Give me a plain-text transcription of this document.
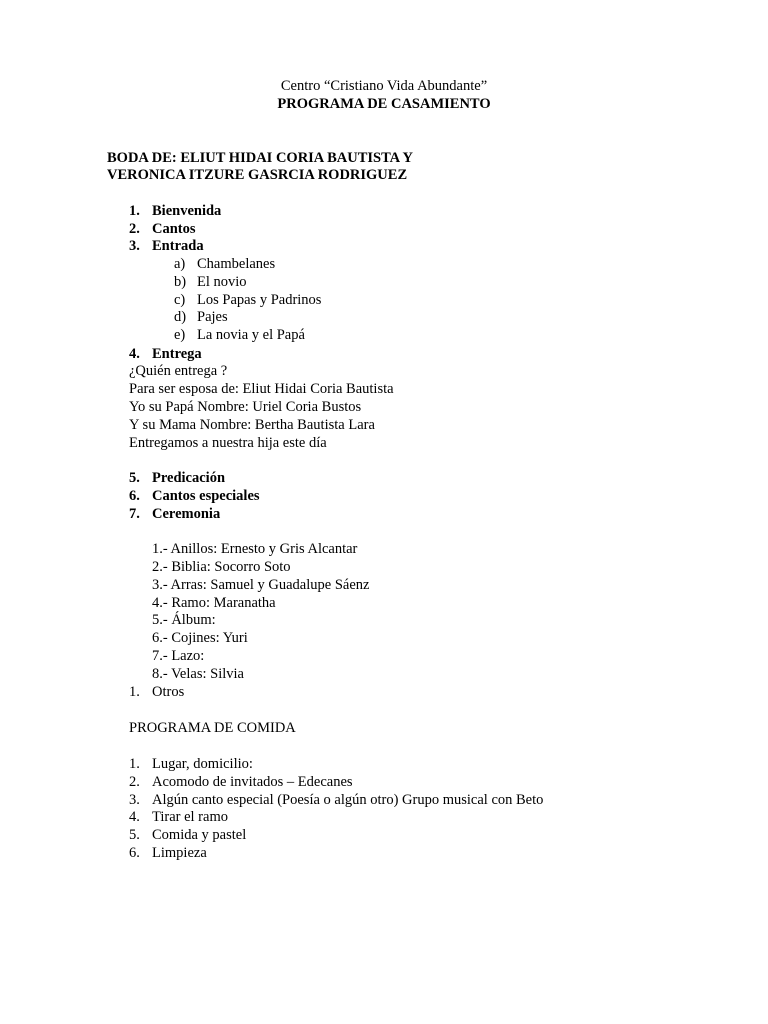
Centro “Cristiano Vida Abundante”
PROGRAMA DE CASAMIENTO
BODA DE: ELIUT HIDAI CORIA BAUTISTA Y
VERONICA ITZURE GASRCIA RODRIGUEZ
1. Bienvenida
2. Cantos
3. Entrada
a) Chambelanes
b) El novio
c) Los Papas y Padrinos
d) Pajes
e) La novia y el Papá
4. Entrega
¿Quién entrega ?
Para ser esposa de: Eliut Hidai Coria Bautista
Yo su Papá Nombre: Uriel Coria Bustos
Y su Mama Nombre: Bertha Bautista Lara
Entregamos a nuestra hija este día
5. Predicación
6. Cantos especiales
7. Ceremonia
1.- Anillos: Ernesto y Gris Alcantar
2.- Biblia: Socorro Soto
3.- Arras: Samuel y Guadalupe Sáenz
4.- Ramo: Maranatha
5.- Álbum:
6.- Cojines: Yuri
7.- Lazo:
8.- Velas: Silvia
1. Otros
PROGRAMA DE COMIDA
1. Lugar, domicilio:
2. Acomodo de invitados – Edecanes
3. Algún canto especial (Poesía o algún otro) Grupo musical con Beto
4. Tirar el ramo
5. Comida y pastel
6. Limpieza
